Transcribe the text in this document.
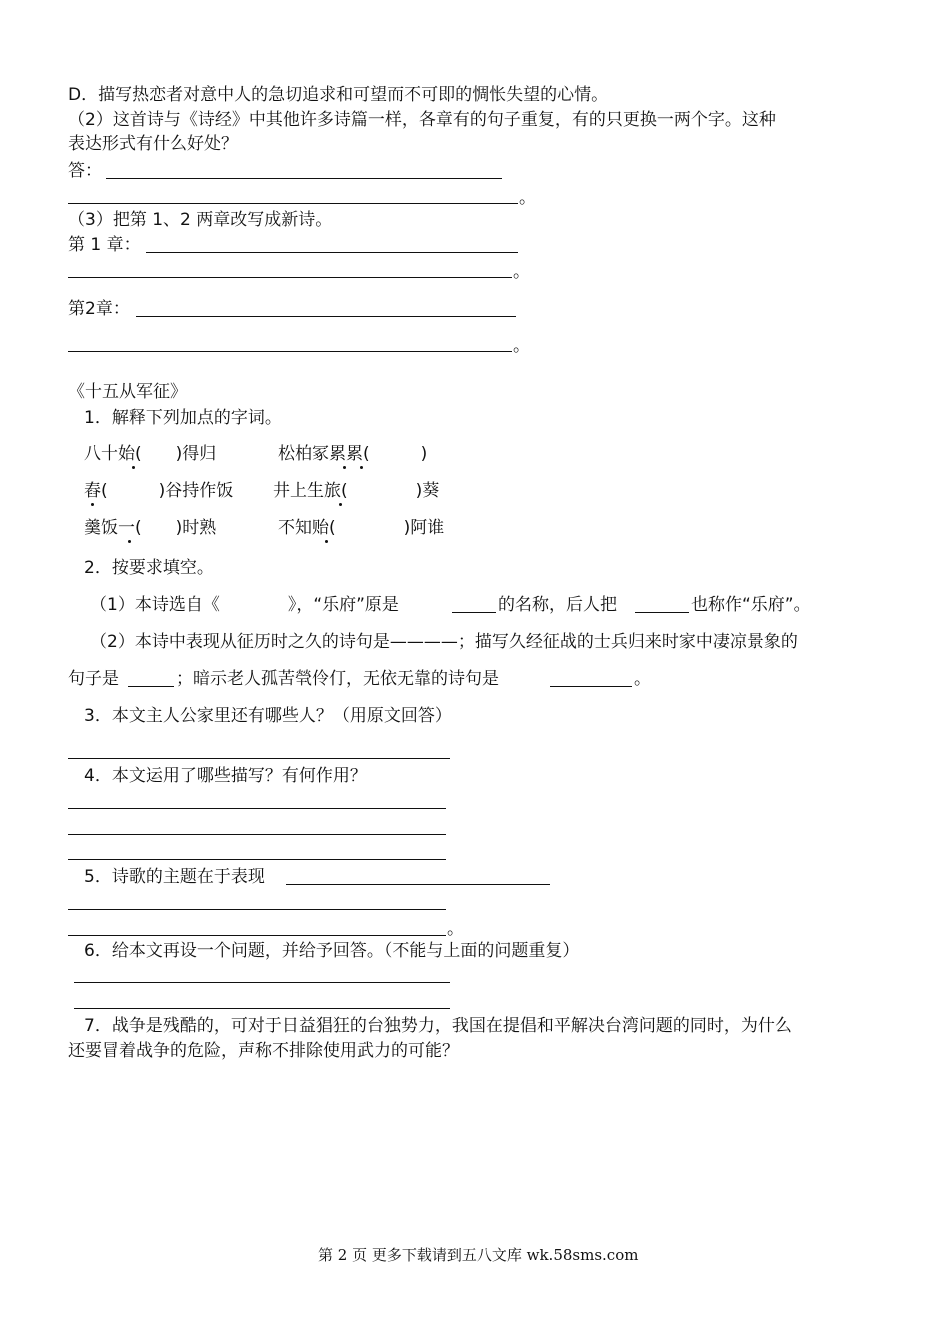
D．描写热恋者对意中人的急切追求和可望而不可即的惆怅失望的心情。
（2）这首诗与《诗经》中其他许多诗篇一样，各章有的句子重复，有的只更换一两个字。这种
表达形式有什么好处？
答：
。
（3）把第 1、2 两章改写成新诗。
第 1 章：
。
第2章：
。
《十五从军征》
1．解释下列加点的字词。
八十始(　　)得归	松柏冢累累(　　　)
舂(　　　)谷持作饭 井上生旅(　　　　)葵
羹饭一(　　)时熟	不知贻(　　　　)阿谁
2．按要求填空。
（1）本诗选自《　　　　》，“乐府”原是	的名称，后人把	也称作“乐府”。
（2）本诗中表现从征历时之久的诗句是————；描写久经征战的士兵归来时家中凄凉景象的
句子是	；暗示老人孤苦煢伶仃，无依无靠的诗句是	。
3．本文主人公家里还有哪些人？（用原文回答）
4．本文运用了哪些描写？有何作用？
5．诗歌的主题在于表现
。
6．给本文再设一个问题，并给予回答。（不能与上面的问题重复）
7．战争是残酷的，可对于日益猖狂的台独势力，我国在提倡和平解决台湾问题的同时，为什么
还要冒着战争的危险，声称不排除使用武力的可能？
第 2 页 更多下载请到五八文库 wk.58sms.com
